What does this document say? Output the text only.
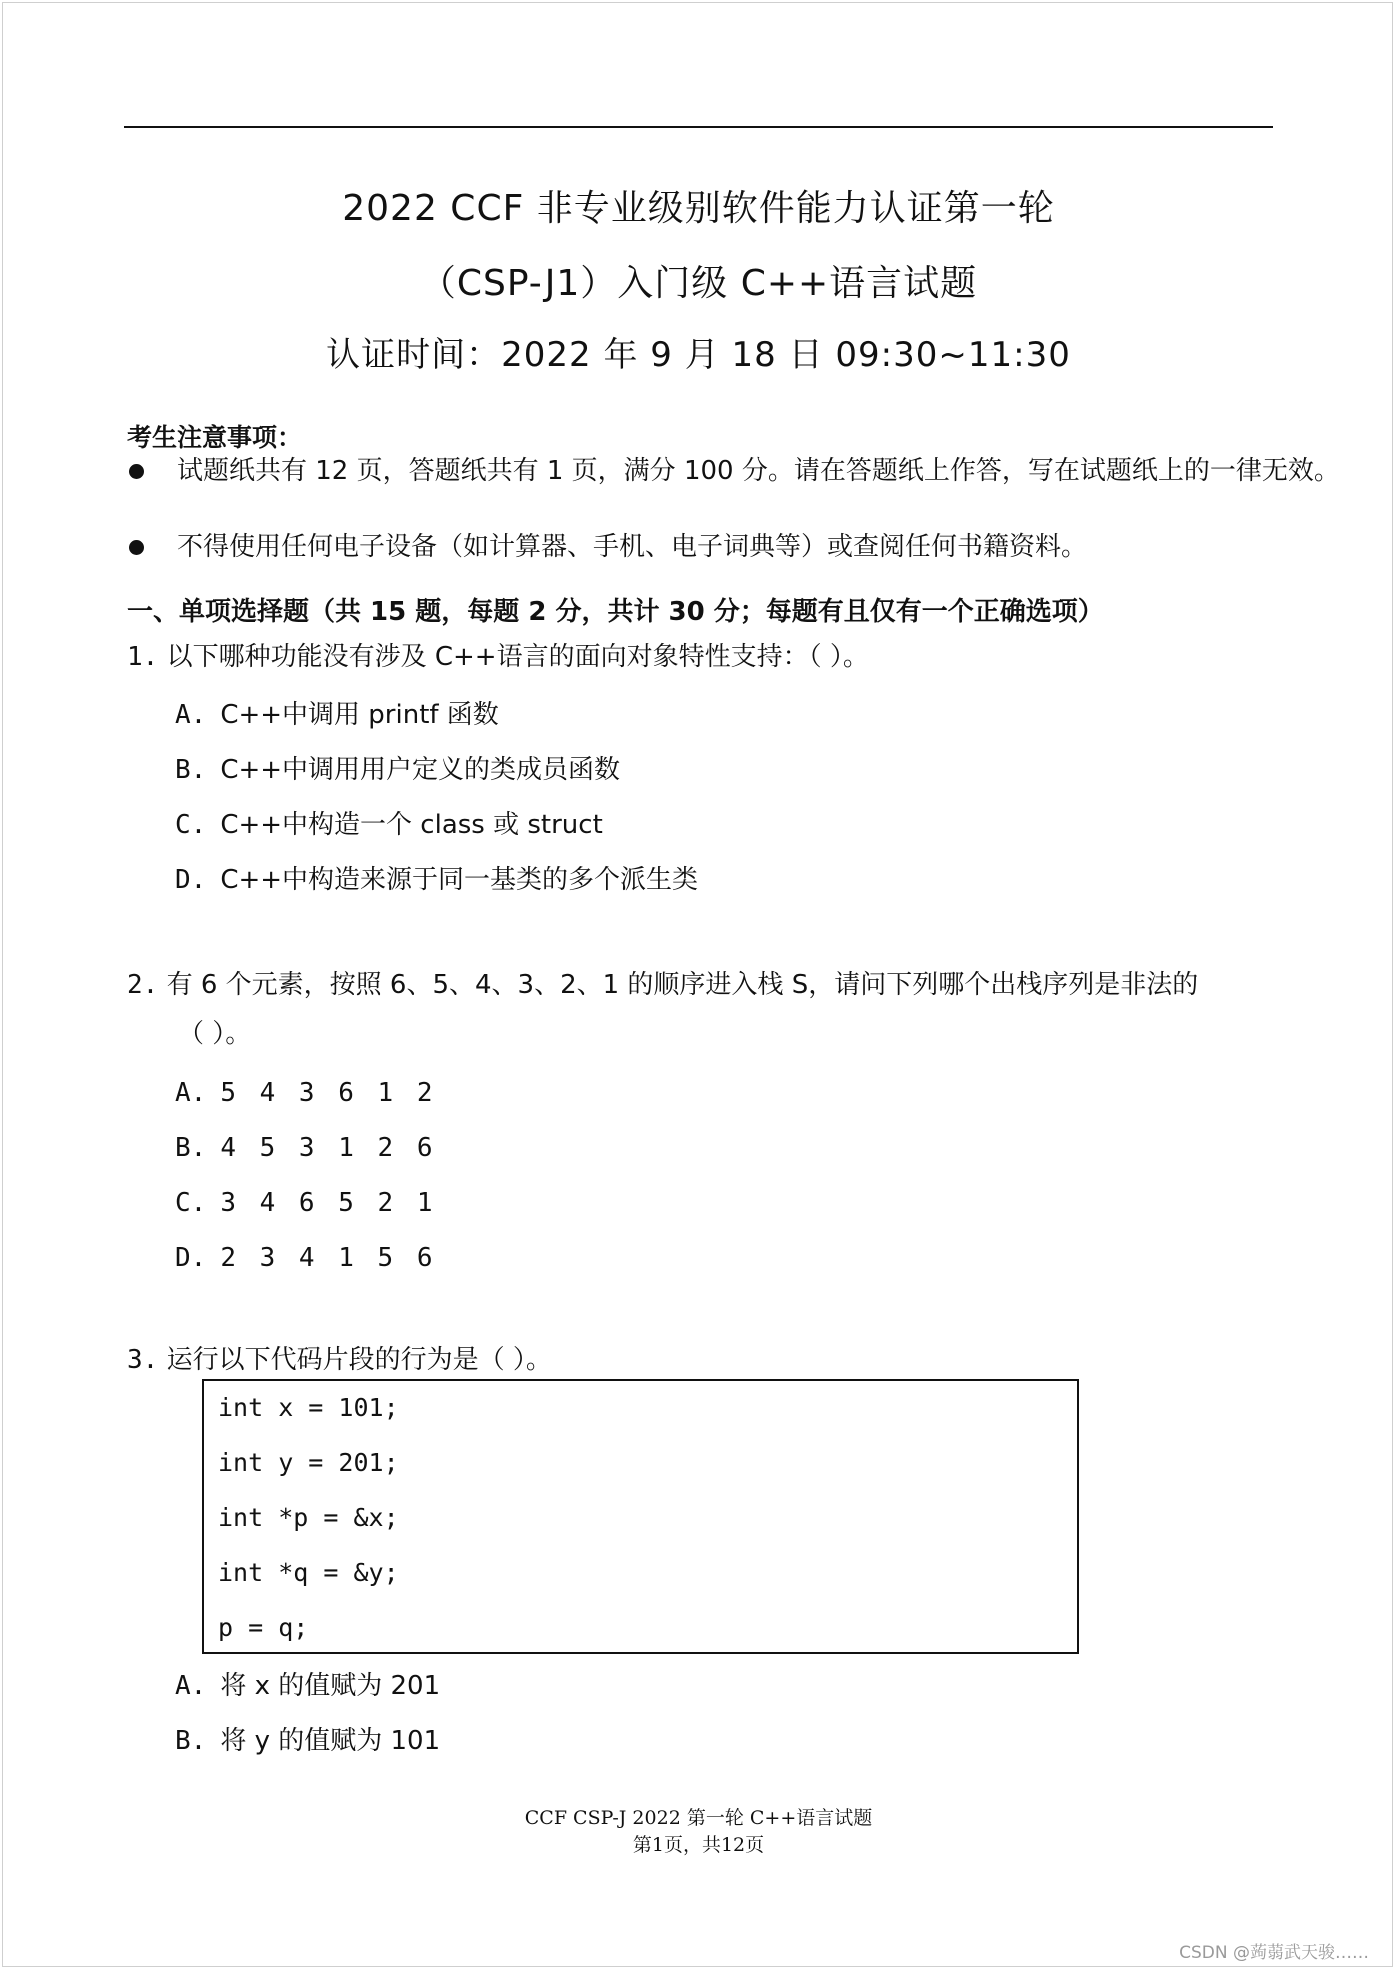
2022 CCF 非专业级别软件能力认证第一轮
（CSP-J1）入门级 C++语言试题
认证时间：2022 年 9 月 18 日 09:30~11:30
考生注意事项：
试题纸共有 12 页，答题纸共有 1 页，满分 100 分。请在答题纸上作答，写在试题纸上的一律无效。
不得使用任何电子设备（如计算器、手机、电子词典等）或查阅任何书籍资料。
一、单项选择题（共 15 题，每题 2 分，共计 30 分；每题有且仅有一个正确选项）
1. 以下哪种功能没有涉及 C++语言的面向对象特性支持：（ ）。
A. C++中调用 printf 函数
B. C++中调用用户定义的类成员函数
C. C++中构造一个 class 或 struct
D. C++中构造来源于同一基类的多个派生类
2. 有 6 个元素，按照 6、5、4、3、2、1 的顺序进入栈 S，请问下列哪个出栈序列是非法的
（ ）。
A. 5 4 3 6 1 2
B. 4 5 3 1 2 6
C. 3 4 6 5 2 1
D. 2 3 4 1 5 6
3. 运行以下代码片段的行为是（ ）。
int x = 101;
int y = 201;
int *p = &x;
int *q = &y;
p = q;
A. 将 x 的值赋为 201
B. 将 y 的值赋为 101
CCF CSP-J 2022 第一轮 C++语言试题
第1页，共12页
CSDN @蒟蒻武天骏……
